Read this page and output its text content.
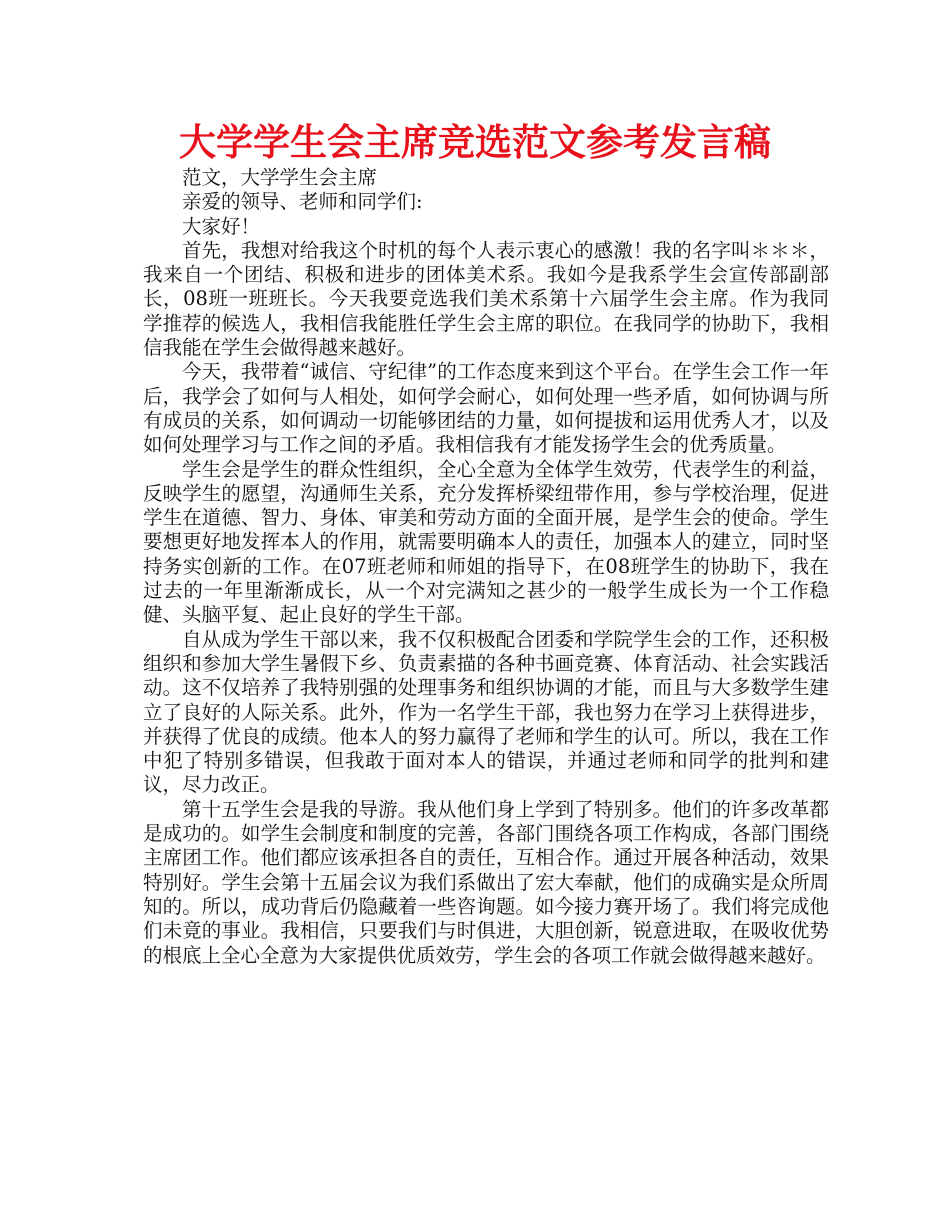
大学学生会主席竞选范文参考发言稿

范文，大学学生会主席

亲爱的领导、老师和同学们:

大家好！

首先，我想对给我这个时机的每个人表示衷心的感激！我的名字叫＊＊＊，我来自一个团结、积极和进步的团体美术系。我如今是我系学生会宣传部副部长，08班一班班长。今天我要竞选我们美术系第十六届学生会主席。作为我同学推荐的候选人，我相信我能胜任学生会主席的职位。在我同学的协助下，我相信我能在学生会做得越来越好。

今天，我带着“诚信、守纪律”的工作态度来到这个平台。在学生会工作一年后，我学会了如何与人相处，如何学会耐心，如何处理一些矛盾，如何协调与所有成员的关系，如何调动一切能够团结的力量，如何提拔和运用优秀人才，以及如何处理学习与工作之间的矛盾。我相信我有才能发扬学生会的优秀质量。

学生会是学生的群众性组织，全心全意为全体学生效劳，代表学生的利益，反映学生的愿望，沟通师生关系，充分发挥桥梁纽带作用，参与学校治理，促进学生在道德、智力、身体、审美和劳动方面的全面开展，是学生会的使命。学生要想更好地发挥本人的作用，就需要明确本人的责任，加强本人的建立，同时坚持务实创新的工作。在07班老师和师姐的指导下，在08班学生的协助下，我在过去的一年里渐渐成长，从一个对完满知之甚少的一般学生成长为一个工作稳健、头脑平复、起止良好的学生干部。

自从成为学生干部以来，我不仅积极配合团委和学院学生会的工作，还积极组织和参加大学生暑假下乡、负责素描的各种书画竞赛、体育活动、社会实践活动。这不仅培养了我特别强的处理事务和组织协调的才能，而且与大多数学生建立了良好的人际关系。此外，作为一名学生干部，我也努力在学习上获得进步，并获得了优良的成绩。他本人的努力赢得了老师和学生的认可。所以，我在工作中犯了特别多错误，但我敢于面对本人的错误，并通过老师和同学的批判和建议，尽力改正。

第十五学生会是我的导游。我从他们身上学到了特别多。他们的许多改革都是成功的。如学生会制度和制度的完善，各部门围绕各项工作构成，各部门围绕主席团工作。他们都应该承担各自的责任，互相合作。通过开展各种活动，效果特别好。学生会第十五届会议为我们系做出了宏大奉献，他们的成确实是众所周知的。所以，成功背后仍隐藏着一些咨询题。如今接力赛开场了。我们将完成他们未竟的事业。我相信，只要我们与时俱进，大胆创新，锐意进取，在吸收优势的根底上全心全意为大家提供优质效劳，学生会的各项工作就会做得越来越好。
